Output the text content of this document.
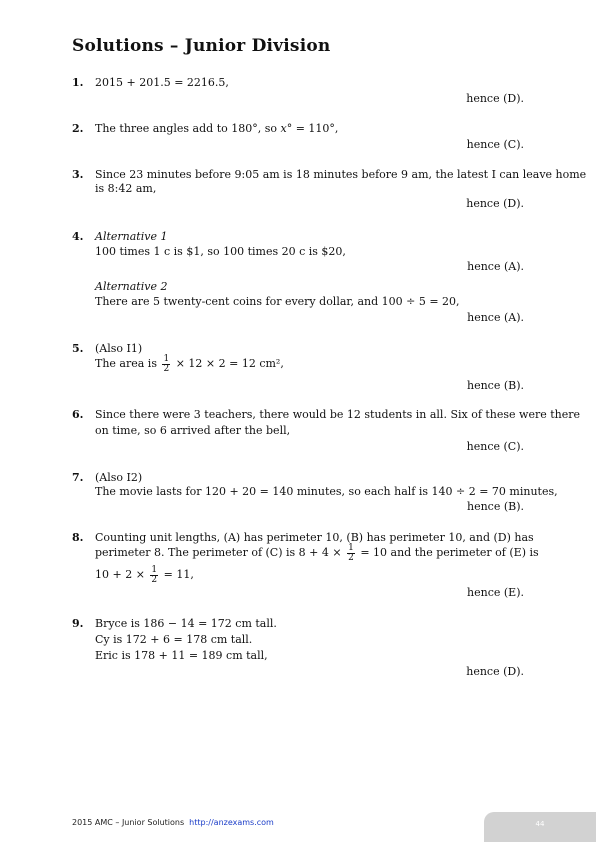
Solutions – Junior Division
1. 2015 + 201.5 = 2216.5,
hence (D).
2. The three angles add to 180°, so x° = 110°,
hence (C).
3. Since 23 minutes before 9:05 am is 18 minutes before 9 am, the latest I can leave home
is 8:42 am,
hence (D).
4. Alternative 1
100 times 1 c is $1, so 100 times 20 c is $20,
hence (A).
Alternative 2
There are 5 twenty-cent coins for every dollar, and 100 ÷ 5 = 20,
hence (A).
5. (Also I1)
The area is $\frac{1}{2} \times 12 \times 2 = 12$ cm²,
hence (B).
6. Since there were 3 teachers, there would be 12 students in all. Six of these were there
on time, so 6 arrived after the bell,
hence (C).
7. (Also I2)
The movie lasts for 120 + 20 = 140 minutes, so each half is 140 ÷ 2 = 70 minutes,
hence (B).
8. Counting unit lengths, (A) has perimeter 10, (B) has perimeter 10, and (D) has
perimeter 8. The perimeter of (C) is $8 + 4 \times \frac{1}{2} = 10$ and the perimeter of (E) is
$10 + 2 \times \frac{1}{2} = 11$,
hence (E).
9. Bryce is 186 − 14 = 172 cm tall.
Cy is 172 + 6 = 178 cm tall.
Eric is 178 + 11 = 189 cm tall,
hence (D).
2015 AMC – Junior Solutions http://anzexams.com	44
